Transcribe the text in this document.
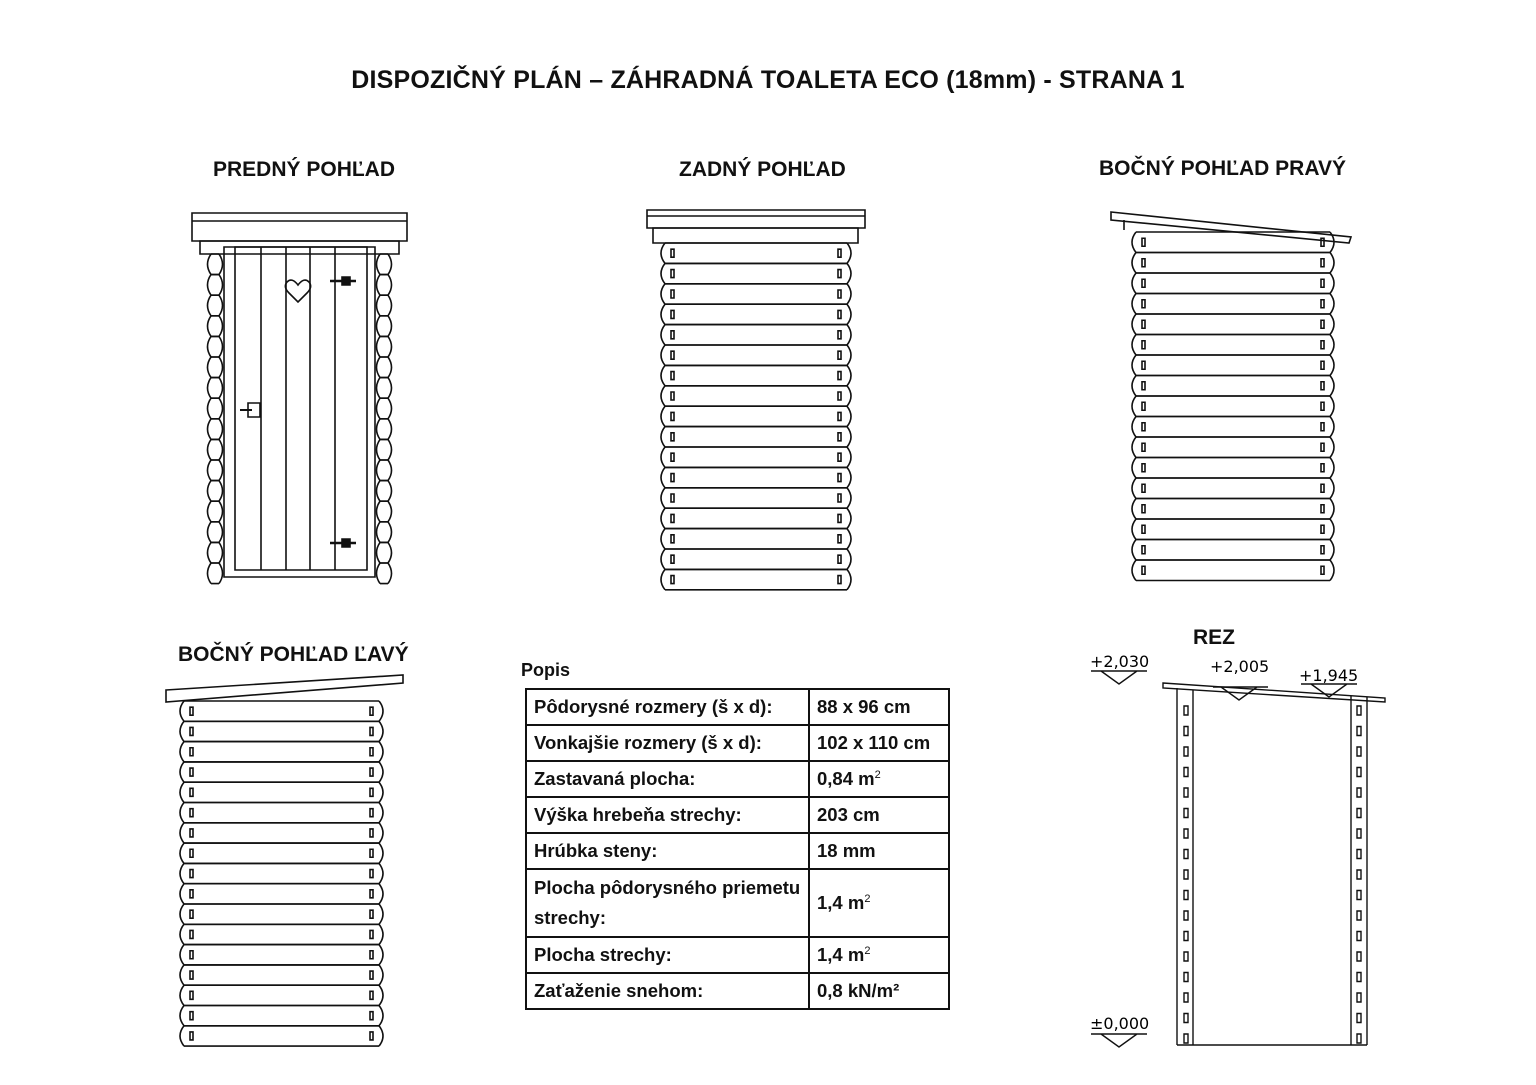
DISPOZIČNÝ PLÁN – ZÁHRADNÁ TOALETA ECO (18mm) - STRANA 1
PREDNÝ POHĽAD	ZADNÝ POHĽAD	BOČNÝ POHĽAD PRAVÝ
BOČNÝ POHĽAD ĽAVÝ
REZ
Popis
Pôdorysné rozmery (š x d):	88 x 96 cm
Vonkajšie rozmery (š x d):	102 x 110 cm
Zastavaná plocha:	0,84 $m^2$
Výška hrebeňa strechy:	203 cm
Hrúbka steny:	18 mm
Plocha pôdorysného priemetu strechy:	1,4 $m^2$
Plocha strechy:	1,4 $m^2$
Zaťaženie snehom:	0,8 kN/m²
+2,030	+2,005 +1,945
±0,000
